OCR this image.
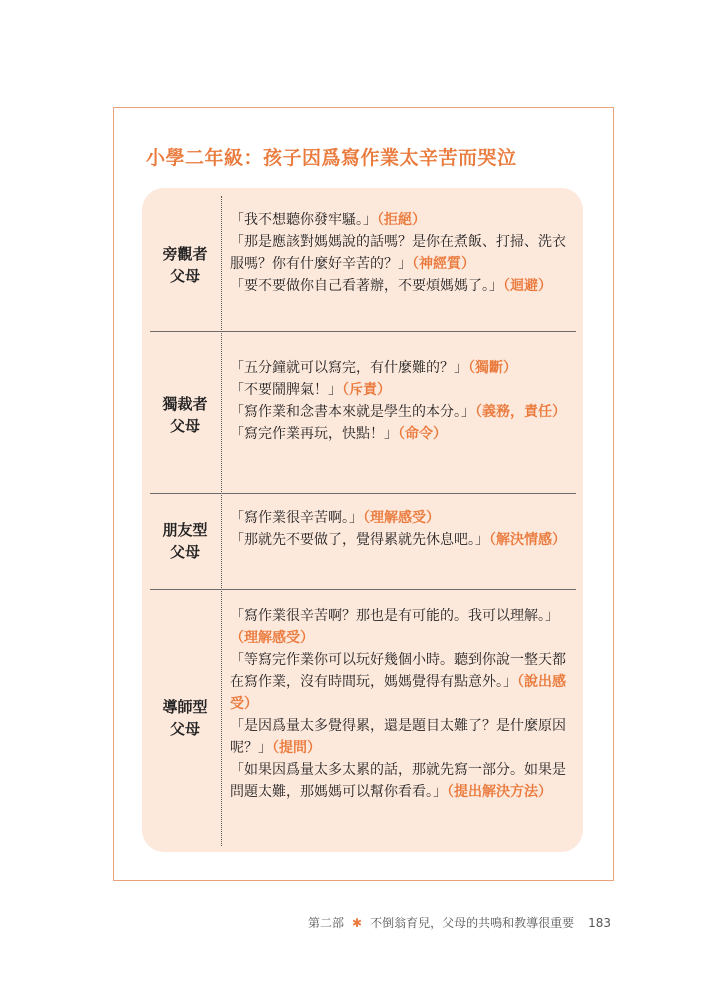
小學二年級：孩子因爲寫作業太辛苦而哭泣
旁觀者
父母

「我不想聽你發牢騷。」（拒絕）

「那是應該對媽媽說的話嗎？是你在煮飯、打掃、洗衣服嗎？你有什麼好辛苦的？」（神經質）

「要不要做你自己看著辦，不要煩媽媽了。」（迴避）

獨裁者
父母

「五分鐘就可以寫完，有什麼難的？」（獨斷）

「不要鬧脾氣！」（斥責）

「寫作業和念書本來就是學生的本分。」（義務，責任）

「寫完作業再玩，快點！」（命令）

朋友型
父母

「寫作業很辛苦啊。」（理解感受）

「那就先不要做了，覺得累就先休息吧。」（解決情感）

導師型
父母

「寫作業很辛苦啊？那也是有可能的。我可以理解。」（理解感受）

「等寫完作業你可以玩好幾個小時。聽到你說一整天都在寫作業，沒有時間玩，媽媽覺得有點意外。」（說出感受）

「是因爲量太多覺得累，還是題目太難了？是什麼原因呢？」（提問）

「如果因爲量太多太累的話，那就先寫一部分。如果是問題太難，那媽媽可以幫你看看。」（提出解決方法）

第二部 ✱ 不倒翁育兒，父母的共鳴和教導很重要 183
